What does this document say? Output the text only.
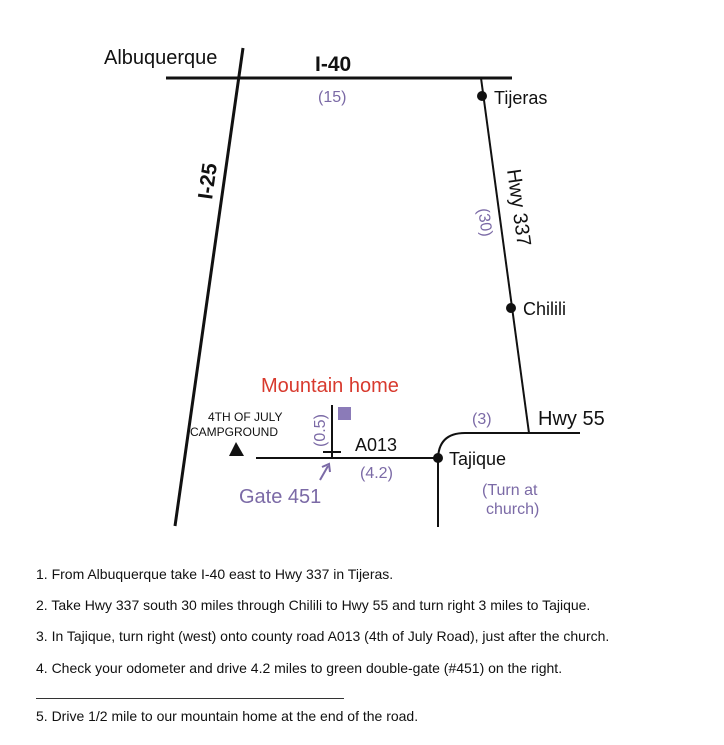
Albuquerque
Tijeras
Chilili
Tajique
4TH OF JULY
CAMPGROUND
Mountain home
Gate 451
I-40
I-25	Hwy 337
Hwy 55
A013
(15)
(30)
(3)
(4.2)
(0.5)
(Turn at
church)
1. From Albuquerque take I-40 east to Hwy 337 in Tijeras.
2. Take Hwy 337 south 30 miles through Chilili to Hwy 55 and turn right 3 miles to Tajique.
3. In Tajique, turn right (west) onto county road A013 (4th of July Road), just after the church.
4. Check your odometer and drive 4.2 miles to green double-gate (#451) on the right.
5. Drive 1/2 mile to our mountain home at the end of the road.
